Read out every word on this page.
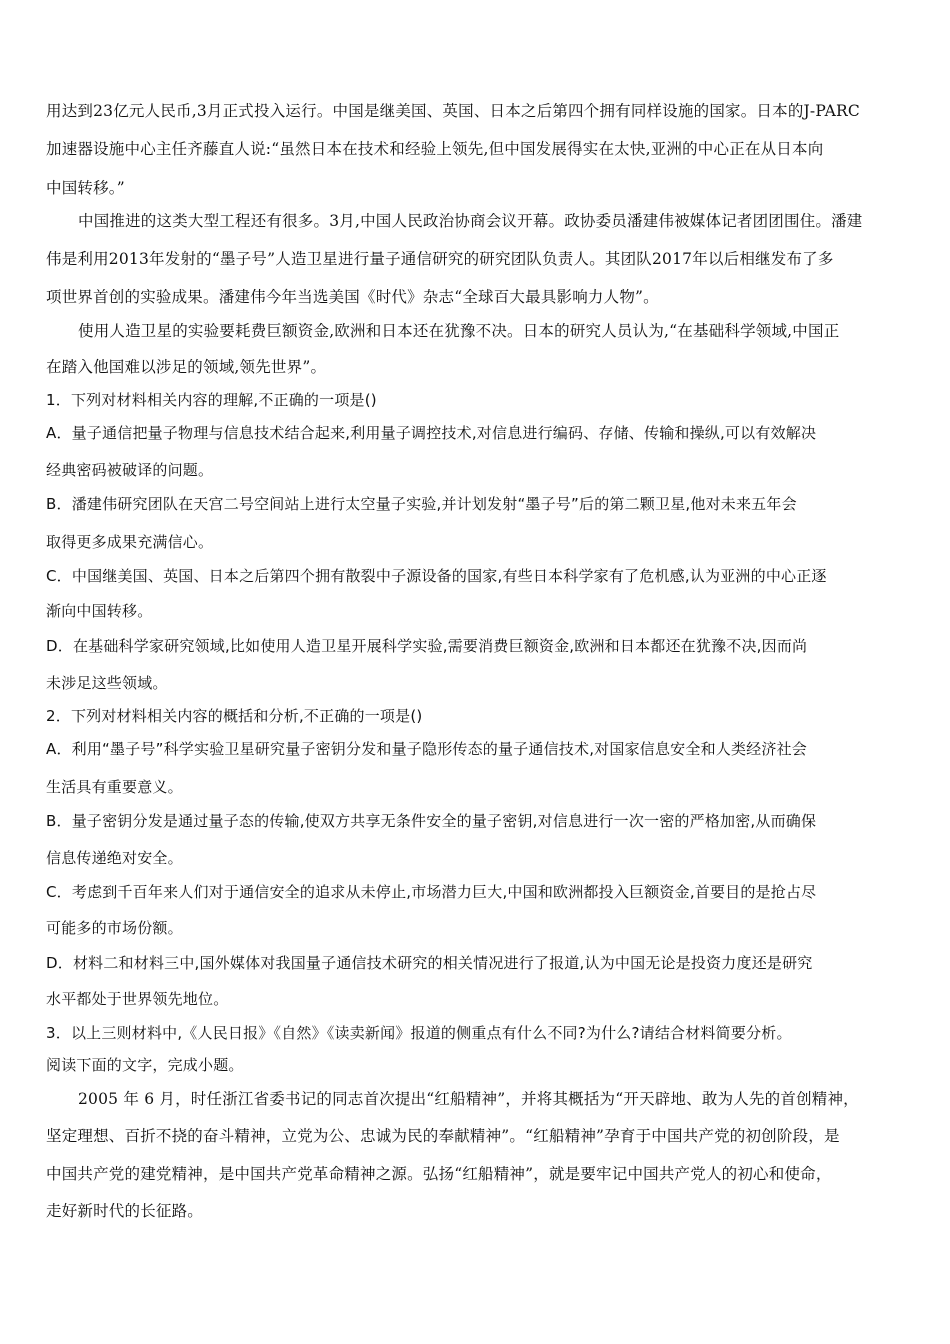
用达到23亿元人民币,3月正式投入运行。中国是继美国、英国、日本之后第四个拥有同样设施的国家。日本的J-PARC
加速器设施中心主任齐藤直人说:“虽然日本在技术和经验上领先,但中国发展得实在太快,亚洲的中心正在从日本向
中国转移。”
中国推进的这类大型工程还有很多。3月,中国人民政治协商会议开幕。政协委员潘建伟被媒体记者团团围住。潘建
伟是利用2013年发射的“墨子号”人造卫星进行量子通信研究的研究团队负责人。其团队2017年以后相继发布了多
项世界首创的实验成果。潘建伟今年当选美国《时代》杂志“全球百大最具影响力人物”。
使用人造卫星的实验要耗费巨额资金,欧洲和日本还在犹豫不决。日本的研究人员认为,“在基础科学领域,中国正
在踏入他国难以涉足的领域,领先世界”。
1．下列对材料相关内容的理解,不正确的一项是()
A．量子通信把量子物理与信息技术结合起来,利用量子调控技术,对信息进行编码、存储、传输和操纵,可以有效解决
经典密码被破译的问题。
B．潘建伟研究团队在天宫二号空间站上进行太空量子实验,并计划发射“墨子号”后的第二颗卫星,他对未来五年会
取得更多成果充满信心。
C．中国继美国、英国、日本之后第四个拥有散裂中子源设备的国家,有些日本科学家有了危机感,认为亚洲的中心正逐
渐向中国转移。
D．在基础科学家研究领域,比如使用人造卫星开展科学实验,需要消费巨额资金,欧洲和日本都还在犹豫不决,因而尚
未涉足这些领域。
2．下列对材料相关内容的概括和分析,不正确的一项是()
A．利用“墨子号”科学实验卫星研究量子密钥分发和量子隐形传态的量子通信技术,对国家信息安全和人类经济社会
生活具有重要意义。
B．量子密钥分发是通过量子态的传输,使双方共享无条件安全的量子密钥,对信息进行一次一密的严格加密,从而确保
信息传递绝对安全。
C．考虑到千百年来人们对于通信安全的追求从未停止,市场潜力巨大,中国和欧洲都投入巨额资金,首要目的是抢占尽
可能多的市场份额。
D．材料二和材料三中,国外媒体对我国量子通信技术研究的相关情况进行了报道,认为中国无论是投资力度还是研究
水平都处于世界领先地位。
3．以上三则材料中,《人民日报》《自然》《读卖新闻》报道的侧重点有什么不同?为什么?请结合材料简要分析。
阅读下面的文字，完成小题。
2005 年 6 月，时任浙江省委书记的同志首次提出“红船精神”，并将其概括为“开天辟地、敢为人先的首创精神，
坚定理想、百折不挠的奋斗精神，立党为公、忠诚为民的奉献精神”。“红船精神”孕育于中国共产党的初创阶段，是
中国共产党的建党精神，是中国共产党革命精神之源。弘扬“红船精神”，就是要牢记中国共产党人的初心和使命，
走好新时代的长征路。
